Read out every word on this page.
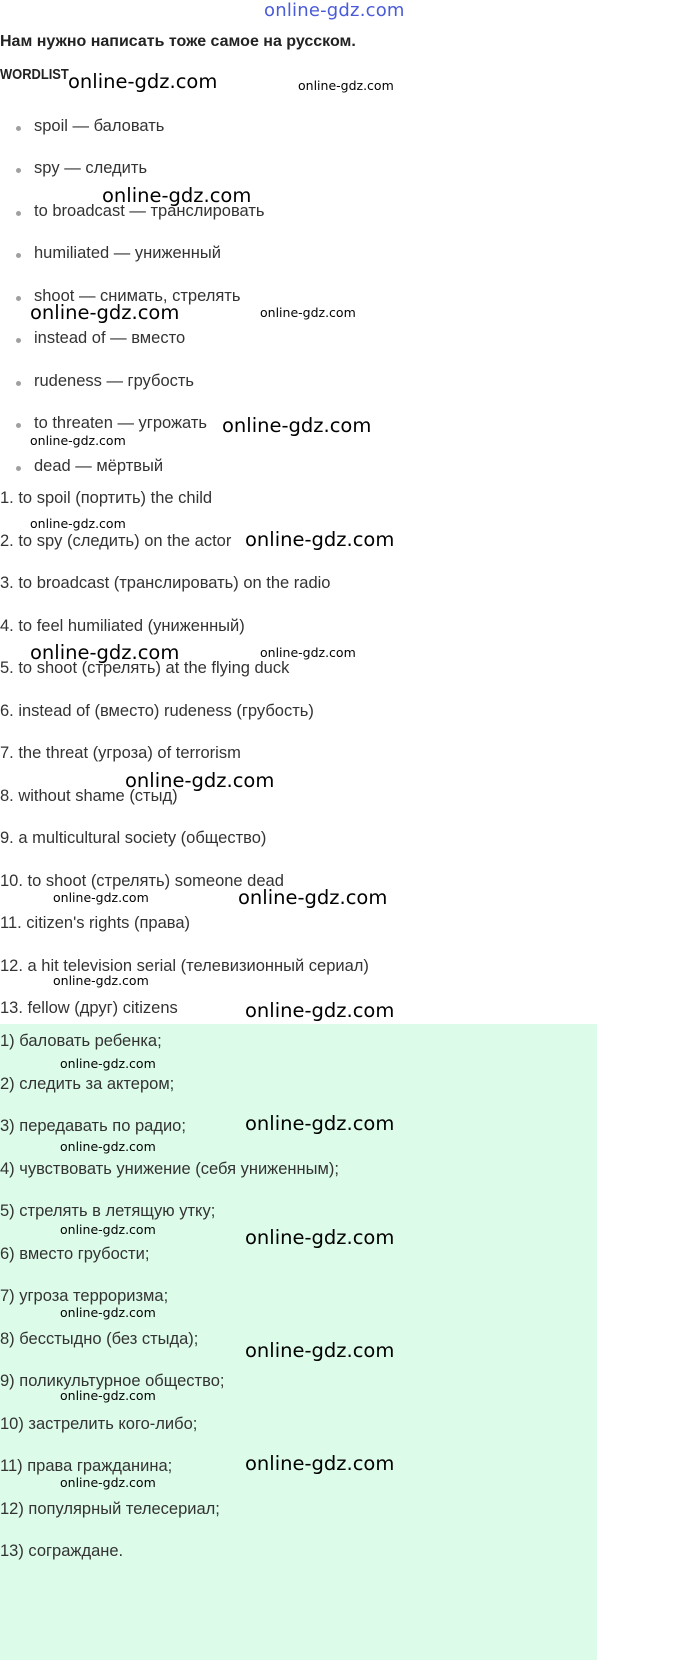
online-gdz.com
Нам нужно написать тоже самое на русском.
WORDLIST
spoil — баловать
spy — следить
to broadcast — транслировать
humiliated — униженный
shoot — снимать, стрелять
instead of — вместо
rudeness — грубость
to threaten — угрожать
dead — мёртвый
1. to spoil (портить) the child
2. to spy (следить) on the actor
3. to broadcast (транслировать) on the radio
4. to feel humiliated (униженный)
5. to shoot (стрелять) at the flying duck
6. instead of (вместо) rudeness (грубость)
7. the threat (угроза) of terrorism
8. without shame (стыд)
9. a multicultural society (общество)
10. to shoot (стрелять) someone dead
11. citizen's rights (права)
12. a hit television serial (телевизионный сериал)
13. fellow (друг) citizens
1) баловать ребенка;
2) следить за актером;
3) передавать по радио;
4) чувствовать унижение (себя униженным);
5) стрелять в летящую утку;
6) вместо грубости;
7) угроза терроризма;
8) бесстыдно (без стыда);
9) поликультурное общество;
10) застрелить кого-либо;
11) права гражданина;
12) популярный телесериал;
13) сограждане.
online-gdz.com	online-gdz.com
online-gdz.com
online-gdz.com	online-gdz.com
online-gdz.com
online-gdz.com
online-gdz.com
online-gdz.com
online-gdz.com	online-gdz.com
online-gdz.com
online-gdz.com	online-gdz.com
online-gdz.com
online-gdz.com
online-gdz.com
online-gdz.com
online-gdz.com
online-gdz.com	online-gdz.com
online-gdz.com
online-gdz.com
online-gdz.com
online-gdz.com
online-gdz.com
